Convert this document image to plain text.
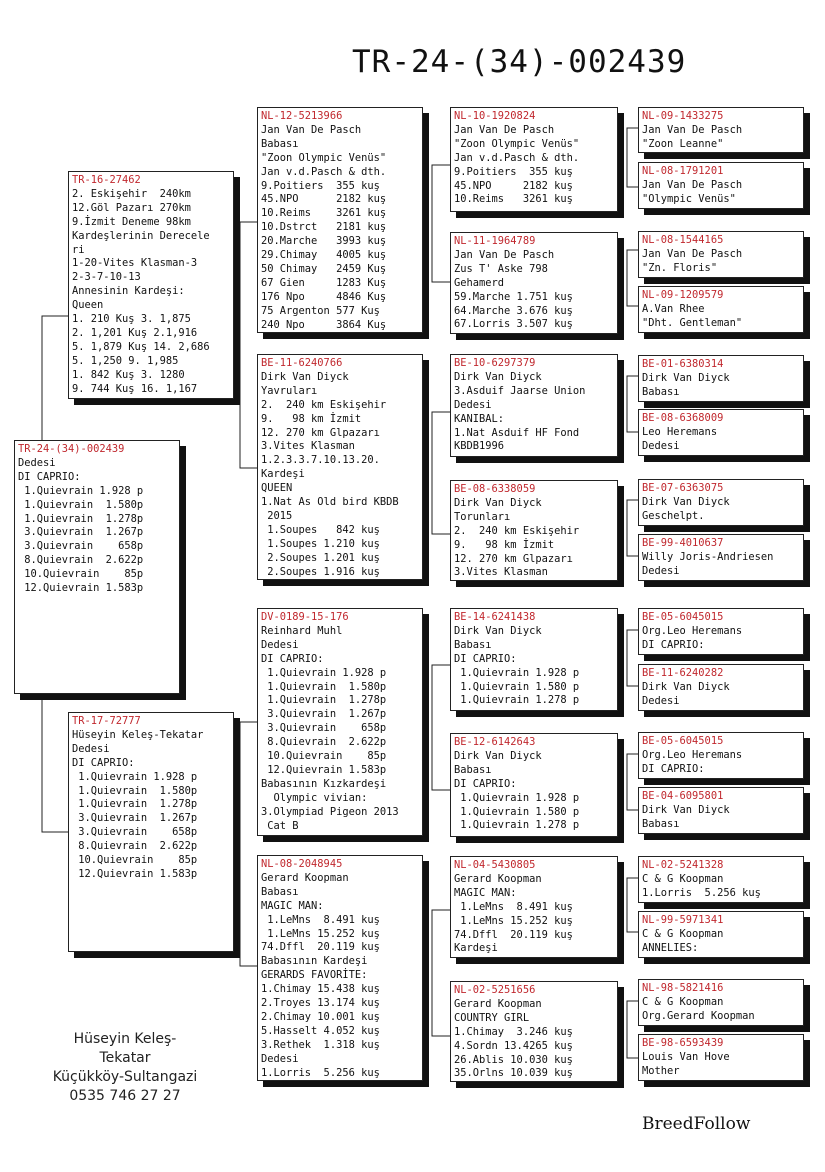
TR-24-(34)-002439
TR-24-(34)-002439
Dedesi
DI CAPRIO:
1.Quievrain 1.928 p
1.Quievrain  1.580p
1.Quievrain  1.278p
3.Quievrain  1.267p
3.Quievrain    658p
8.Quievrain  2.622p
10.Quievrain    85p
12.Quievrain 1.583p
TR-16-27462
2. Eskişehir  240km
12.Göl Pazarı 270km
9.İzmit Deneme 98km
Kardeşlerinin Derecele
ri
1-20-Vites Klasman-3
2-3-7-10-13
Annesinin Kardeşi:
Queen
1. 210 Kuş 3. 1,875
2. 1,201 Kuş 2.1,916
5. 1,879 Kuş 14. 2,686
5. 1,250 9. 1,985
1. 842 Kuş 3. 1280
9. 744 Kuş 16. 1,167
TR-17-72777
Hüseyin Keleş-Tekatar
Dedesi
DI CAPRIO:
1.Quievrain 1.928 p
1.Quievrain  1.580p
1.Quievrain  1.278p
3.Quievrain  1.267p
3.Quievrain    658p
8.Quievrain  2.622p
10.Quievrain    85p
12.Quievrain 1.583p
NL-12-5213966
Jan Van De Pasch
Babası
"Zoon Olympic Venüs"
Jan v.d.Pasch & dth.
9.Poitiers  355 kuş
45.NPO      2182 kuş
10.Reims    3261 kuş
10.Dstrct   2181 kuş
20.Marche   3993 kuş
29.Chimay   4005 kuş
50 Chimay   2459 Kuş
67 Gien     1283 Kuş
176 Npo     4846 Kuş
75 Argenton 577 Kuş
240 Npo     3864 Kuş
BE-11-6240766
Dirk Van Diyck
Yavruları
2.  240 km Eskişehir
9.   98 km İzmit
12. 270 km Glpazarı
3.Vites Klasman
1.2.3.3.7.10.13.20.
Kardeşi
QUEEN
1.Nat As Old bird KBDB
2015
1.Soupes   842 kuş
1.Soupes 1.210 kuş
2.Soupes 1.201 kuş
2.Soupes 1.916 kuş
DV-0189-15-176
Reinhard Muhl
Dedesi
DI CAPRIO:
1.Quievrain 1.928 p
1.Quievrain  1.580p
1.Quievrain  1.278p
3.Quievrain  1.267p
3.Quievrain    658p
8.Quievrain  2.622p
10.Quievrain    85p
12.Quievrain 1.583p
Babasının Kızkardeşi
Olympic vivian:
3.Olympiad Pigeon 2013
Cat B
NL-08-2048945
Gerard Koopman
Babası
MAGIC MAN:
1.LeMns  8.491 kuş
1.LeMns 15.252 kuş
74.Dffl  20.119 kuş
Babasının Kardeşi
GERARDS FAVORİTE:
1.Chimay 15.438 kuş
2.Troyes 13.174 kuş
2.Chimay 10.001 kuş
5.Hasselt 4.052 kuş
3.Rethek  1.318 kuş
Dedesi
1.Lorris  5.256 kuş
NL-10-1920824
Jan Van De Pasch
"Zoon Olympic Venüs"
Jan v.d.Pasch & dth.
9.Poitiers  355 kuş
45.NPO     2182 kuş
10.Reims   3261 kuş
NL-11-1964789
Jan Van De Pasch
Zus T' Aske 798
Gehamerd
59.Marche 1.751 kuş
64.Marche 3.676 kuş
67.Lorris 3.507 kuş
BE-10-6297379
Dirk Van Diyck
3.Asduif Jaarse Union
Dedesi
KANIBAL:
1.Nat Asduif HF Fond
KBDB1996
BE-08-6338059
Dirk Van Diyck
Torunları
2.  240 km Eskişehir
9.   98 km İzmit
12. 270 km Glpazarı
3.Vites Klasman
BE-14-6241438
Dirk Van Diyck
Babası
DI CAPRIO:
1.Quievrain 1.928 p
1.Quievrain 1.580 p
1.Quievrain 1.278 p
BE-12-6142643
Dirk Van Diyck
Babası
DI CAPRIO:
1.Quievrain 1.928 p
1.Quievrain 1.580 p
1.Quievrain 1.278 p
NL-04-5430805
Gerard Koopman
MAGIC MAN:
1.LeMns  8.491 kuş
1.LeMns 15.252 kuş
74.Dffl  20.119 kuş
Kardeşi
NL-02-5251656
Gerard Koopman
COUNTRY GIRL
1.Chimay  3.246 kuş
4.Sordn 13.4265 kuş
26.Ablis 10.030 kuş
35.Orlns 10.039 kuş
NL-09-1433275
Jan Van De Pasch
"Zoon Leanne"
NL-08-1791201
Jan Van De Pasch
"Olympic Venüs"
NL-08-1544165
Jan Van De Pasch
"Zn. Floris"
NL-09-1209579
A.Van Rhee
"Dht. Gentleman"
BE-01-6380314
Dirk Van Diyck
Babası
BE-08-6368009
Leo Heremans
Dedesi
BE-07-6363075
Dirk Van Diyck
Geschelpt.
BE-99-4010637
Willy Joris-Andriesen
Dedesi
BE-05-6045015
Org.Leo Heremans
DI CAPRIO:
BE-11-6240282
Dirk Van Diyck
Dedesi
BE-05-6045015
Org.Leo Heremans
DI CAPRIO:
BE-04-6095801
Dirk Van Diyck
Babası
NL-02-5241328
C & G Koopman
1.Lorris  5.256 kuş
NL-99-5971341
C & G Koopman
ANNELIES:
NL-98-5821416
C & G Koopman
Org.Gerard Koopman
BE-98-6593439
Louis Van Hove
Mother
Hüseyin Keleş-Tekatar
Küçükköy-Sultangazi
0535 746 27 27
BreedFollow
